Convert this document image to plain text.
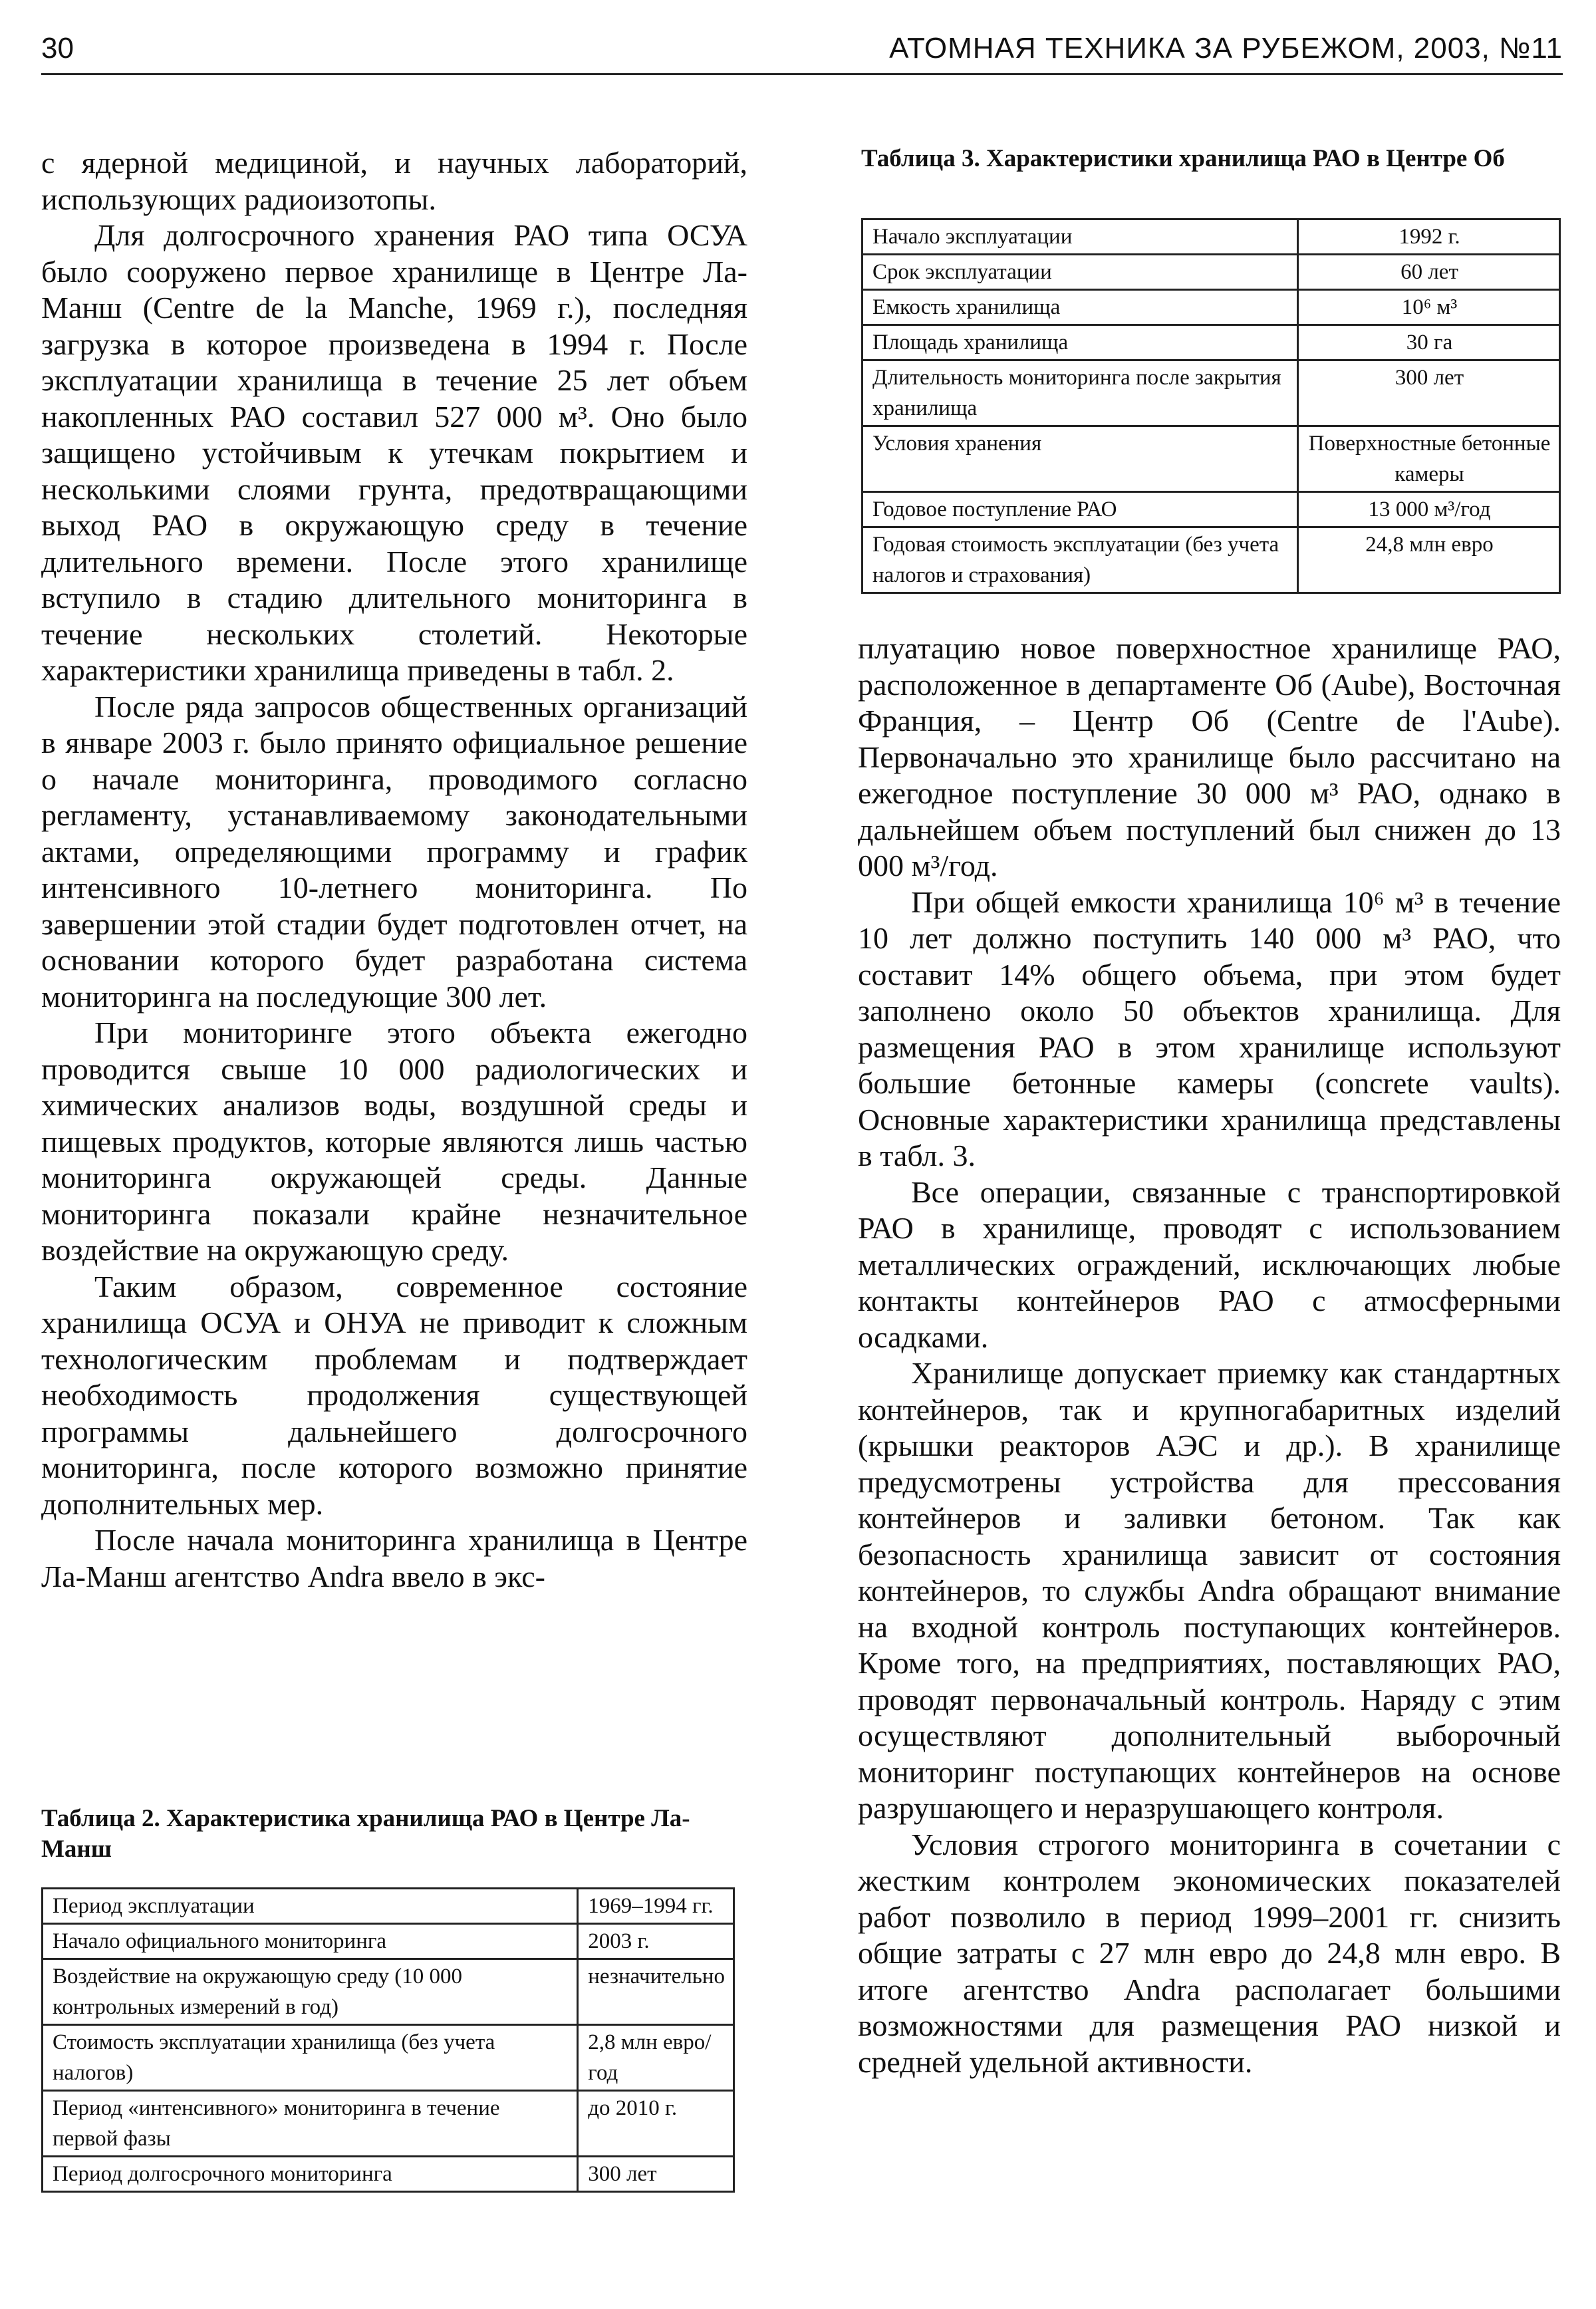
30	АТОМНАЯ ТЕХНИКА ЗА РУБЕЖОМ, 2003, №11

с ядерной медициной, и научных лабораторий, использующих радиоизотопы.

Для долгосрочного хранения РАО типа ОСУА было сооружено первое хранилище в Центре Ла-Манш (Centre de la Manche, 1969 г.), последняя загрузка в которое произведена в 1994 г. После эксплуатации хранилища в течение 25 лет объем накопленных РАО составил 527 000 м³. Оно было защищено устойчивым к утечкам покрытием и несколькими слоями грунта, предотвращающими выход РАО в окружающую среду в течение длительного времени. После этого хранилище вступило в стадию длительного мониторинга в течение нескольких столетий. Некоторые характеристики хранилища приведены в табл. 2.

После ряда запросов общественных организаций в январе 2003 г. было принято официальное решение о начале мониторинга, проводимого согласно регламенту, устанавливаемому законодательными актами, определяющими программу и график интенсивного 10-летнего мониторинга. По завершении этой стадии будет подготовлен отчет, на основании которого будет разработана система мониторинга на последующие 300 лет.

При мониторинге этого объекта ежегодно проводится свыше 10 000 радиологических и химических анализов воды, воздушной среды и пищевых продуктов, которые являются лишь частью мониторинга окружающей среды. Данные мониторинга показали крайне незначительное воздействие на окружающую среду.

Таким образом, современное состояние хранилища ОСУА и ОНУА не приводит к сложным технологическим проблемам и подтверждает необходимость продолжения существующей программы дальнейшего долгосрочного мониторинга, после которого возможно принятие дополнительных мер.

После начала мониторинга хранилища в Центре Ла-Манш агентство Andra ввело в экс-

Таблица 2. Характеристика хранилища РАО в Центре Ла-Манш
Период эксплуатации	1969–1994 гг.
Начало официального мониторинга	2003 г.
Воздействие на окружающую среду (10 000 контрольных измерений в год)	незначительно
Стоимость эксплуатации хранилища (без учета налогов)	2,8 млн евро/год
Период «интенсивного» мониторинга в течение первой фазы	до 2010 г.
Период долгосрочного мониторинга	300 лет
Таблица 3. Характеристики хранилища РАО в Центре Об
Начало эксплуатации	1992 г.
Срок эксплуатации	60 лет
Емкость хранилища	10⁶ м³
Площадь хранилища	30 га
Длительность мониторинга после закрытия хранилища	300 лет
Условия хранения	Поверхностные бетонные камеры
Годовое поступление РАО	13 000 м³/год
Годовая стоимость эксплуатации (без учета налогов и страхования)	24,8 млн евро

плуатацию новое поверхностное хранилище РАО, расположенное в департаменте Об (Aube), Восточная Франция, – Центр Об (Centre de l'Aube). Первоначально это хранилище было рассчитано на ежегодное поступление 30 000 м³ РАО, однако в дальнейшем объем поступлений был снижен до 13 000 м³/год.

При общей емкости хранилища 10⁶ м³ в течение 10 лет должно поступить 140 000 м³ РАО, что составит 14% общего объема, при этом будет заполнено около 50 объектов хранилища. Для размещения РАО в этом хранилище используют большие бетонные камеры (concrete vaults). Основные характеристики хранилища представлены в табл. 3.

Все операции, связанные с транспортировкой РАО в хранилище, проводят с использованием металлических ограждений, исключающих любые контакты контейнеров РАО с атмосферными осадками.

Хранилище допускает приемку как стандартных контейнеров, так и крупногабаритных изделий (крышки реакторов АЭС и др.). В хранилище предусмотрены устройства для прессования контейнеров и заливки бетоном. Так как безопасность хранилища зависит от состояния контейнеров, то службы Andra обращают внимание на входной контроль поступающих контейнеров. Кроме того, на предприятиях, поставляющих РАО, проводят первоначальный контроль. Наряду с этим осуществляют дополнительный выборочный мониторинг поступающих контейнеров на основе разрушающего и неразрушающего контроля.

Условия строгого мониторинга в сочетании с жестким контролем экономических показателей работ позволило в период 1999–2001 гг. снизить общие затраты с 27 млн евро до 24,8 млн евро. В итоге агентство Andra располагает большими возможностями для размещения РАО низкой и средней удельной активности.
